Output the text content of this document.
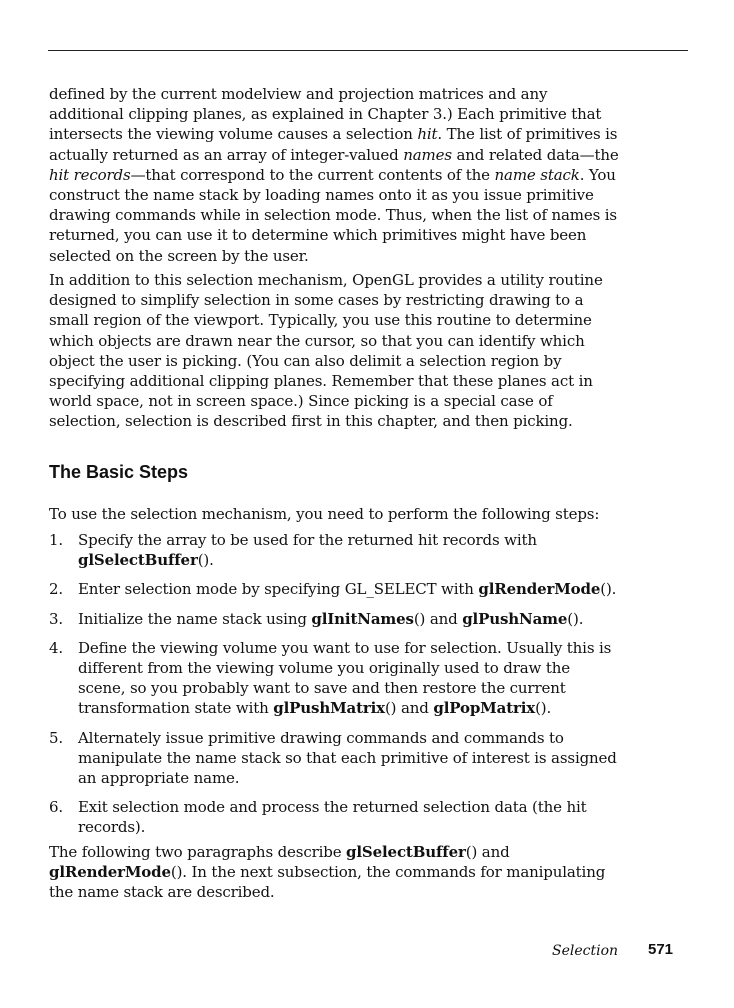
defined by the current modelview and projection matrices and any additional clipping planes, as explained in Chapter 3.) Each primitive that intersects the viewing volume causes a selection hit. The list of primitives is actually returned as an array of integer-valued names and related data—the hit records—that correspond to the current contents of the name stack. You construct the name stack by loading names onto it as you issue primitive drawing commands while in selection mode. Thus, when the list of names is returned, you can use it to determine which primitives might have been selected on the screen by the user.

In addition to this selection mechanism, OpenGL provides a utility routine designed to simplify selection in some cases by restricting drawing to a small region of the viewport. Typically, you use this routine to determine which objects are drawn near the cursor, so that you can identify which object the user is picking. (You can also delimit a selection region by specifying additional clipping planes. Remember that these planes act in world space, not in screen space.) Since picking is a special case of selection, selection is described first in this chapter, and then picking.

The Basic Steps

To use the selection mechanism, you need to perform the following steps:

1. Specify the array to be used for the returned hit records with glSelectBuffer().
2. Enter selection mode by specifying GL_SELECT with glRenderMode().
3. Initialize the name stack using glInitNames() and glPushName().
4. Define the viewing volume you want to use for selection. Usually this is different from the viewing volume you originally used to draw the scene, so you probably want to save and then restore the current transformation state with glPushMatrix() and glPopMatrix().
5. Alternately issue primitive drawing commands and commands to manipulate the name stack so that each primitive of interest is assigned an appropriate name.
6. Exit selection mode and process the returned selection data (the hit records).

The following two paragraphs describe glSelectBuffer() and glRenderMode(). In the next subsection, the commands for manipulating the name stack are described.

Selection 571
